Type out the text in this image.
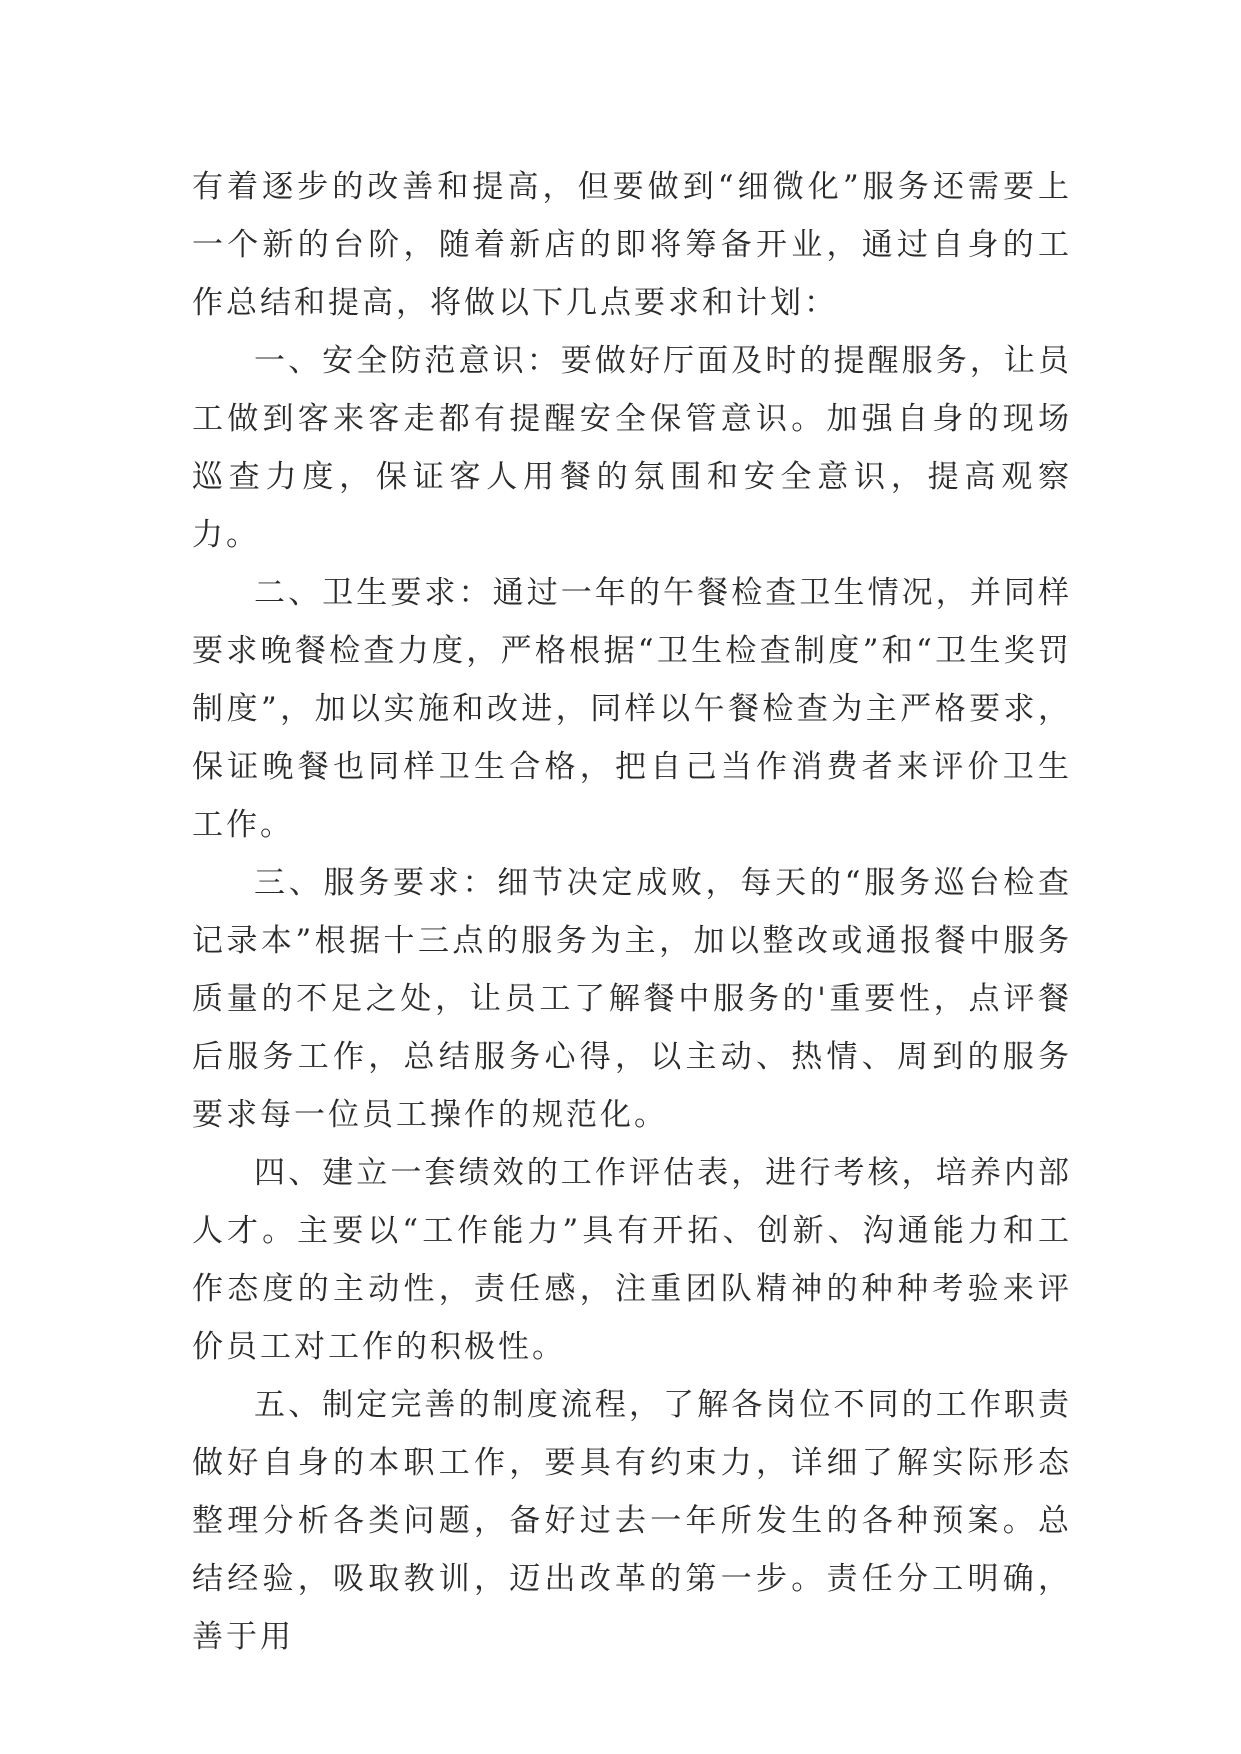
有着逐步的改善和提高，但要做到“细微化”服务还需要上一个新的台阶，随着新店的即将筹备开业，通过自身的工作总结和提高，将做以下几点要求和计划：

一、安全防范意识：要做好厅面及时的提醒服务，让员工做到客来客走都有提醒安全保管意识。加强自身的现场巡查力度，保证客人用餐的氛围和安全意识，提高观察力。

二、卫生要求：通过一年的午餐检查卫生情况，并同样要求晚餐检查力度，严格根据“卫生检查制度”和“卫生奖罚制度”，加以实施和改进，同样以午餐检查为主严格要求，保证晚餐也同样卫生合格，把自己当作消费者来评价卫生工作。

三、服务要求：细节决定成败，每天的“服务巡台检查记录本”根据十三点的服务为主，加以整改或通报餐中服务质量的不足之处，让员工了解餐中服务的'重要性，点评餐后服务工作，总结服务心得，以主动、热情、周到的服务要求每一位员工操作的规范化。

四、建立一套绩效的工作评估表，进行考核，培养内部人才。主要以“工作能力”具有开拓、创新、沟通能力和工作态度的主动性，责任感，注重团队精神的种种考验来评价员工对工作的积极性。

五、制定完善的制度流程，了解各岗位不同的工作职责做好自身的本职工作，要具有约束力，详细了解实际形态整理分析各类问题，备好过去一年所发生的各种预案。总结经验，吸取教训，迈出改革的第一步。责任分工明确，善于用
